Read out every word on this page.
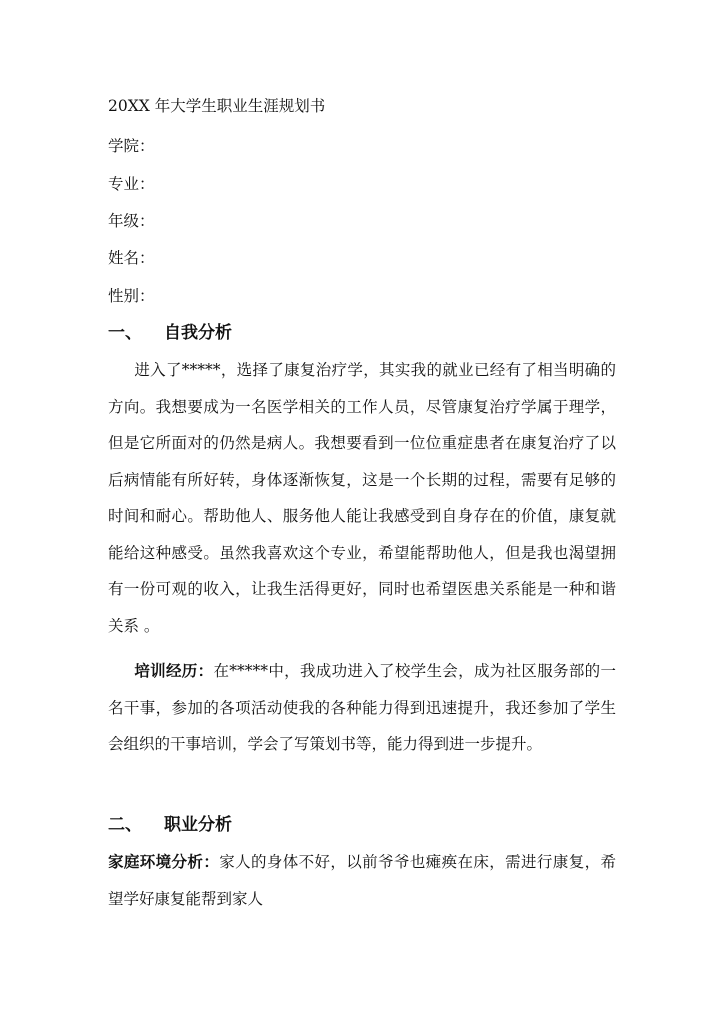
20XX 年大学生职业生涯规划书
学院：
专业：
年级：
姓名：
性别：
一、 自我分析
进入了*****，选择了康复治疗学，其实我的就业已经有了相当明确的方向。我想要成为一名医学相关的工作人员，尽管康复治疗学属于理学，但是它所面对的仍然是病人。我想要看到一位位重症患者在康复治疗了以后病情能有所好转，身体逐渐恢复，这是一个长期的过程，需要有足够的时间和耐心。帮助他人、服务他人能让我感受到自身存在的价值，康复就能给这种感受。虽然我喜欢这个专业，希望能帮助他人，但是我也渴望拥有一份可观的收入，让我生活得更好，同时也希望医患关系能是一种和谐关系 。
培训经历：在*****中，我成功进入了校学生会，成为社区服务部的一名干事，参加的各项活动使我的各种能力得到迅速提升，我还参加了学生会组织的干事培训，学会了写策划书等，能力得到进一步提升。
二、 职业分析
家庭环境分析：家人的身体不好，以前爷爷也瘫痪在床，需进行康复，希望学好康复能帮到家人
